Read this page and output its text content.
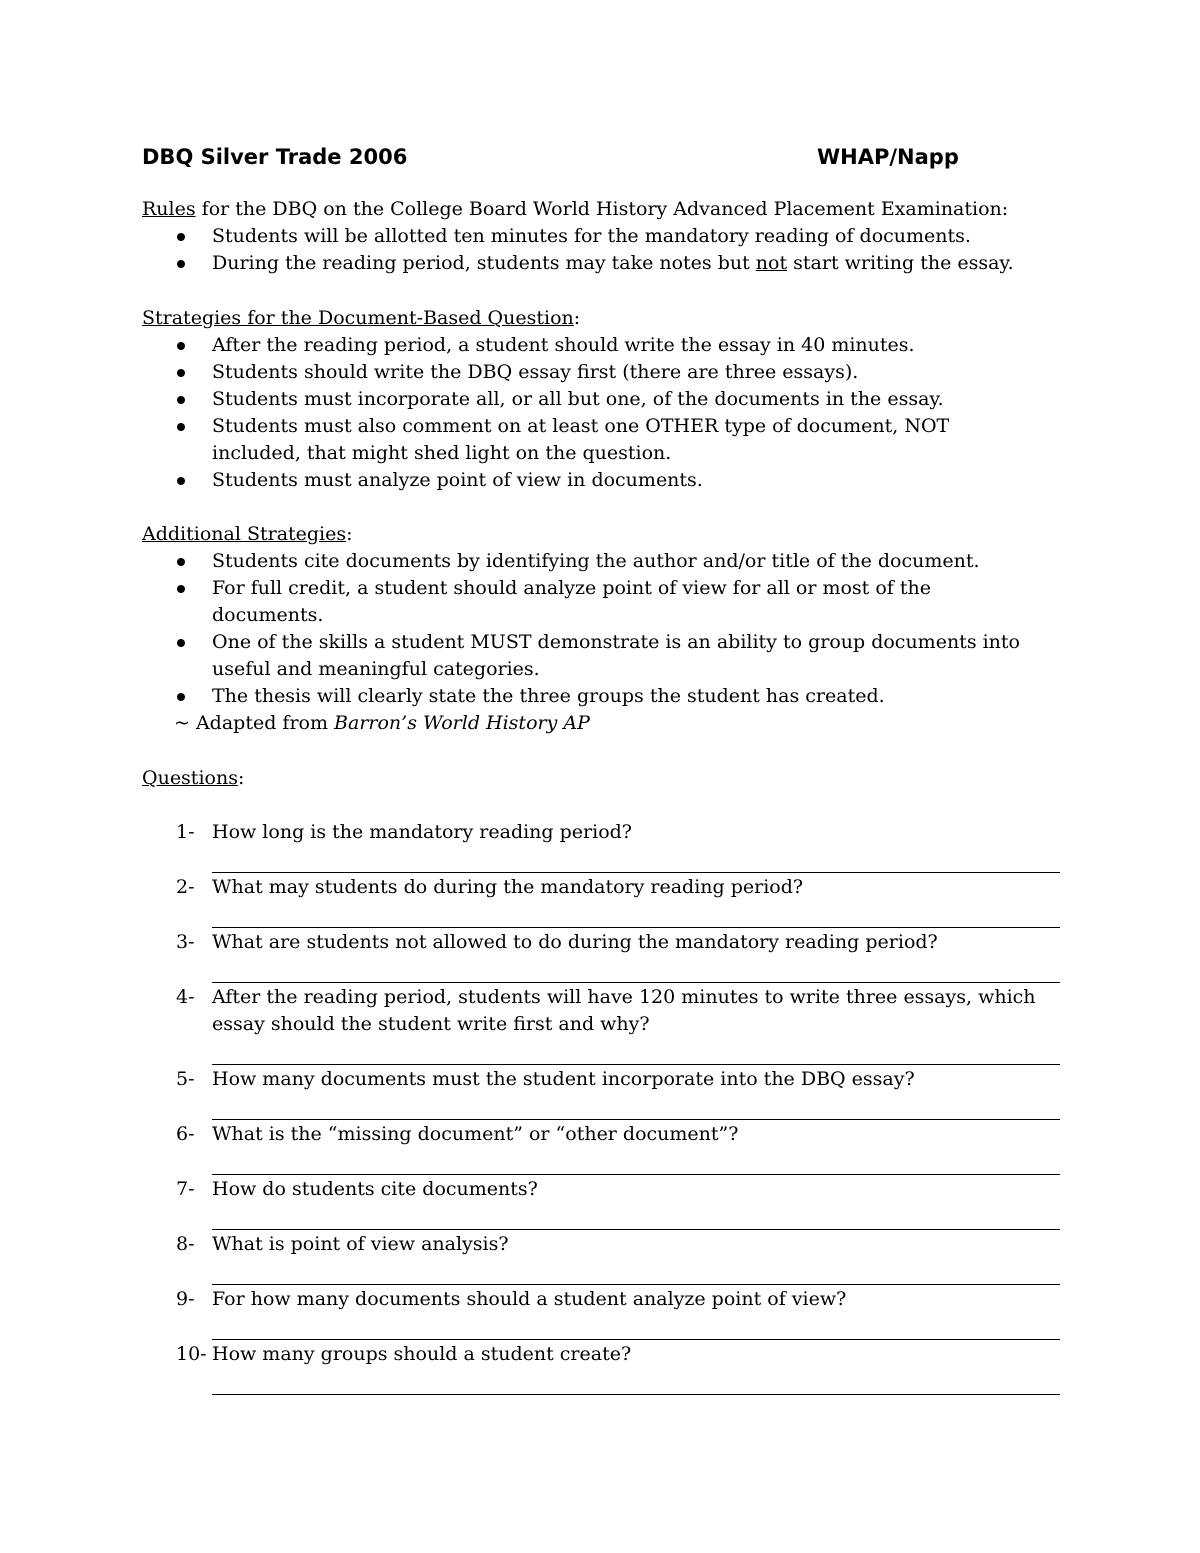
DBQ Silver Trade 2006	WHAP/Napp
Rules for the DBQ on the College Board World History Advanced Placement Examination:
Students will be allotted ten minutes for the mandatory reading of documents.
During the reading period, students may take notes but not start writing the essay.
Strategies for the Document-Based Question:
After the reading period, a student should write the essay in 40 minutes.
Students should write the DBQ essay first (there are three essays).
Students must incorporate all, or all but one, of the documents in the essay.
Students must also comment on at least one OTHER type of document, NOT included, that might shed light on the question.
Students must analyze point of view in documents.
Additional Strategies:
Students cite documents by identifying the author and/or title of the document.
For full credit, a student should analyze point of view for all or most of the documents.
One of the skills a student MUST demonstrate is an ability to group documents into useful and meaningful categories.
The thesis will clearly state the three groups the student has created.
~ Adapted from Barron’s World History AP
Questions:
1- How long is the mandatory reading period?
2- What may students do during the mandatory reading period?
3- What are students not allowed to do during the mandatory reading period?
4- After the reading period, students will have 120 minutes to write three essays, which essay should the student write first and why?
5- How many documents must the student incorporate into the DBQ essay?
6- What is the “missing document” or “other document”?
7- How do students cite documents?
8- What is point of view analysis?
9- For how many documents should a student analyze point of view?
10- How many groups should a student create?
